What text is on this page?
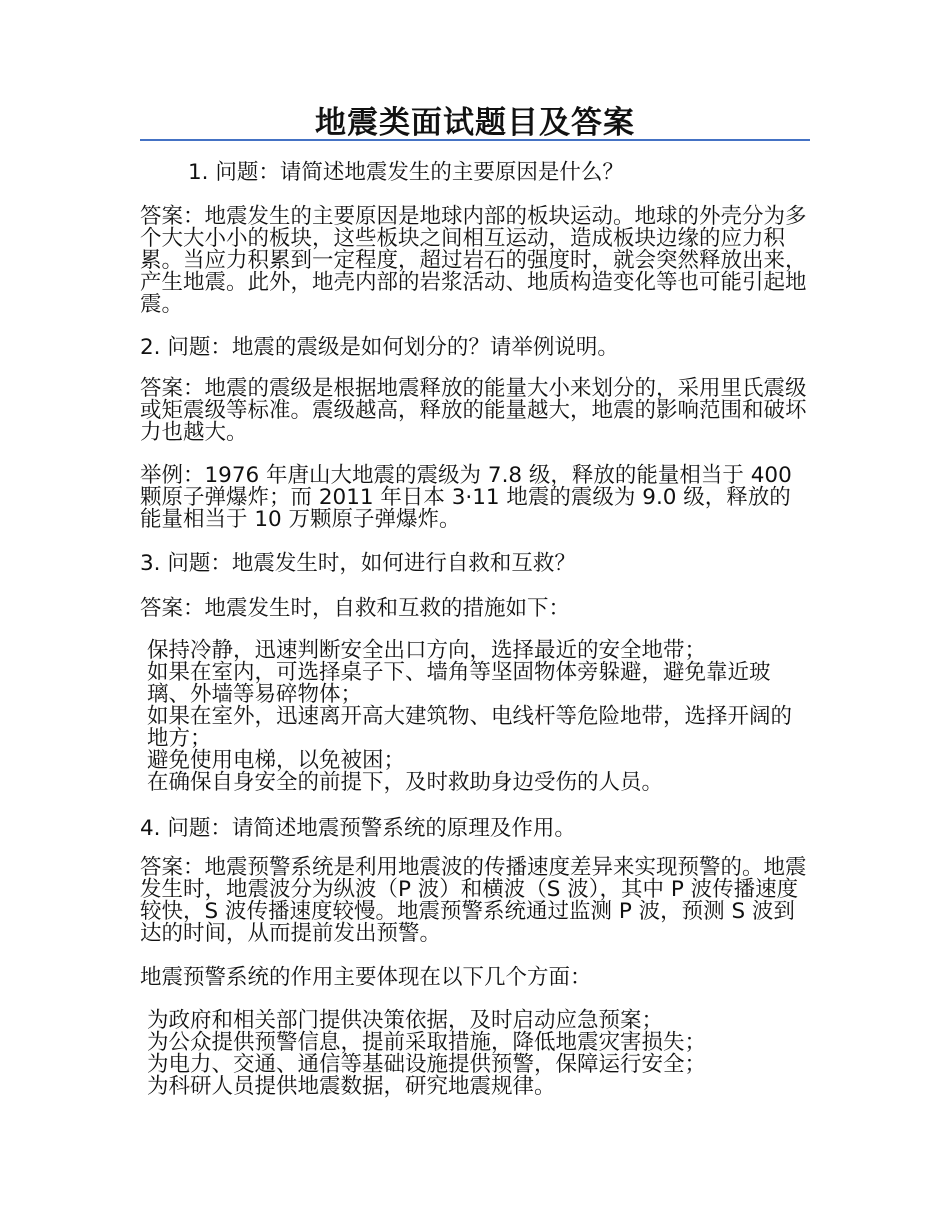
地震类面试题目及答案
1. 问题：请简述地震发生的主要原因是什么？
答案：地震发生的主要原因是地球内部的板块运动。地球的外壳分为多个大大小小的板块，这些板块之间相互运动，造成板块边缘的应力积累。当应力积累到一定程度，超过岩石的强度时，就会突然释放出来，产生地震。此外，地壳内部的岩浆活动、地质构造变化等也可能引起地震。
2. 问题：地震的震级是如何划分的？请举例说明。
答案：地震的震级是根据地震释放的能量大小来划分的，采用里氏震级或矩震级等标准。震级越高，释放的能量越大，地震的影响范围和破坏力也越大。
举例：1976 年唐山大地震的震级为 7.8 级，释放的能量相当于 400 颗原子弹爆炸；而 2011 年日本 3·11 地震的震级为 9.0 级，释放的能量相当于 10 万颗原子弹爆炸。
3. 问题：地震发生时，如何进行自救和互救？
答案：地震发生时，自救和互救的措施如下：
保持冷静，迅速判断安全出口方向，选择最近的安全地带；
如果在室内，可选择桌子下、墙角等坚固物体旁躲避，避免靠近玻璃、外墙等易碎物体；
如果在室外，迅速离开高大建筑物、电线杆等危险地带，选择开阔的地方；
避免使用电梯，以免被困；
在确保自身安全的前提下，及时救助身边受伤的人员。
4. 问题：请简述地震预警系统的原理及作用。
答案：地震预警系统是利用地震波的传播速度差异来实现预警的。地震发生时，地震波分为纵波（P 波）和横波（S 波），其中 P 波传播速度较快，S 波传播速度较慢。地震预警系统通过监测 P 波，预测 S 波到达的时间，从而提前发出预警。
地震预警系统的作用主要体现在以下几个方面：
为政府和相关部门提供决策依据，及时启动应急预案；
为公众提供预警信息，提前采取措施，降低地震灾害损失；
为电力、交通、通信等基础设施提供预警，保障运行安全；
为科研人员提供地震数据，研究地震规律。
